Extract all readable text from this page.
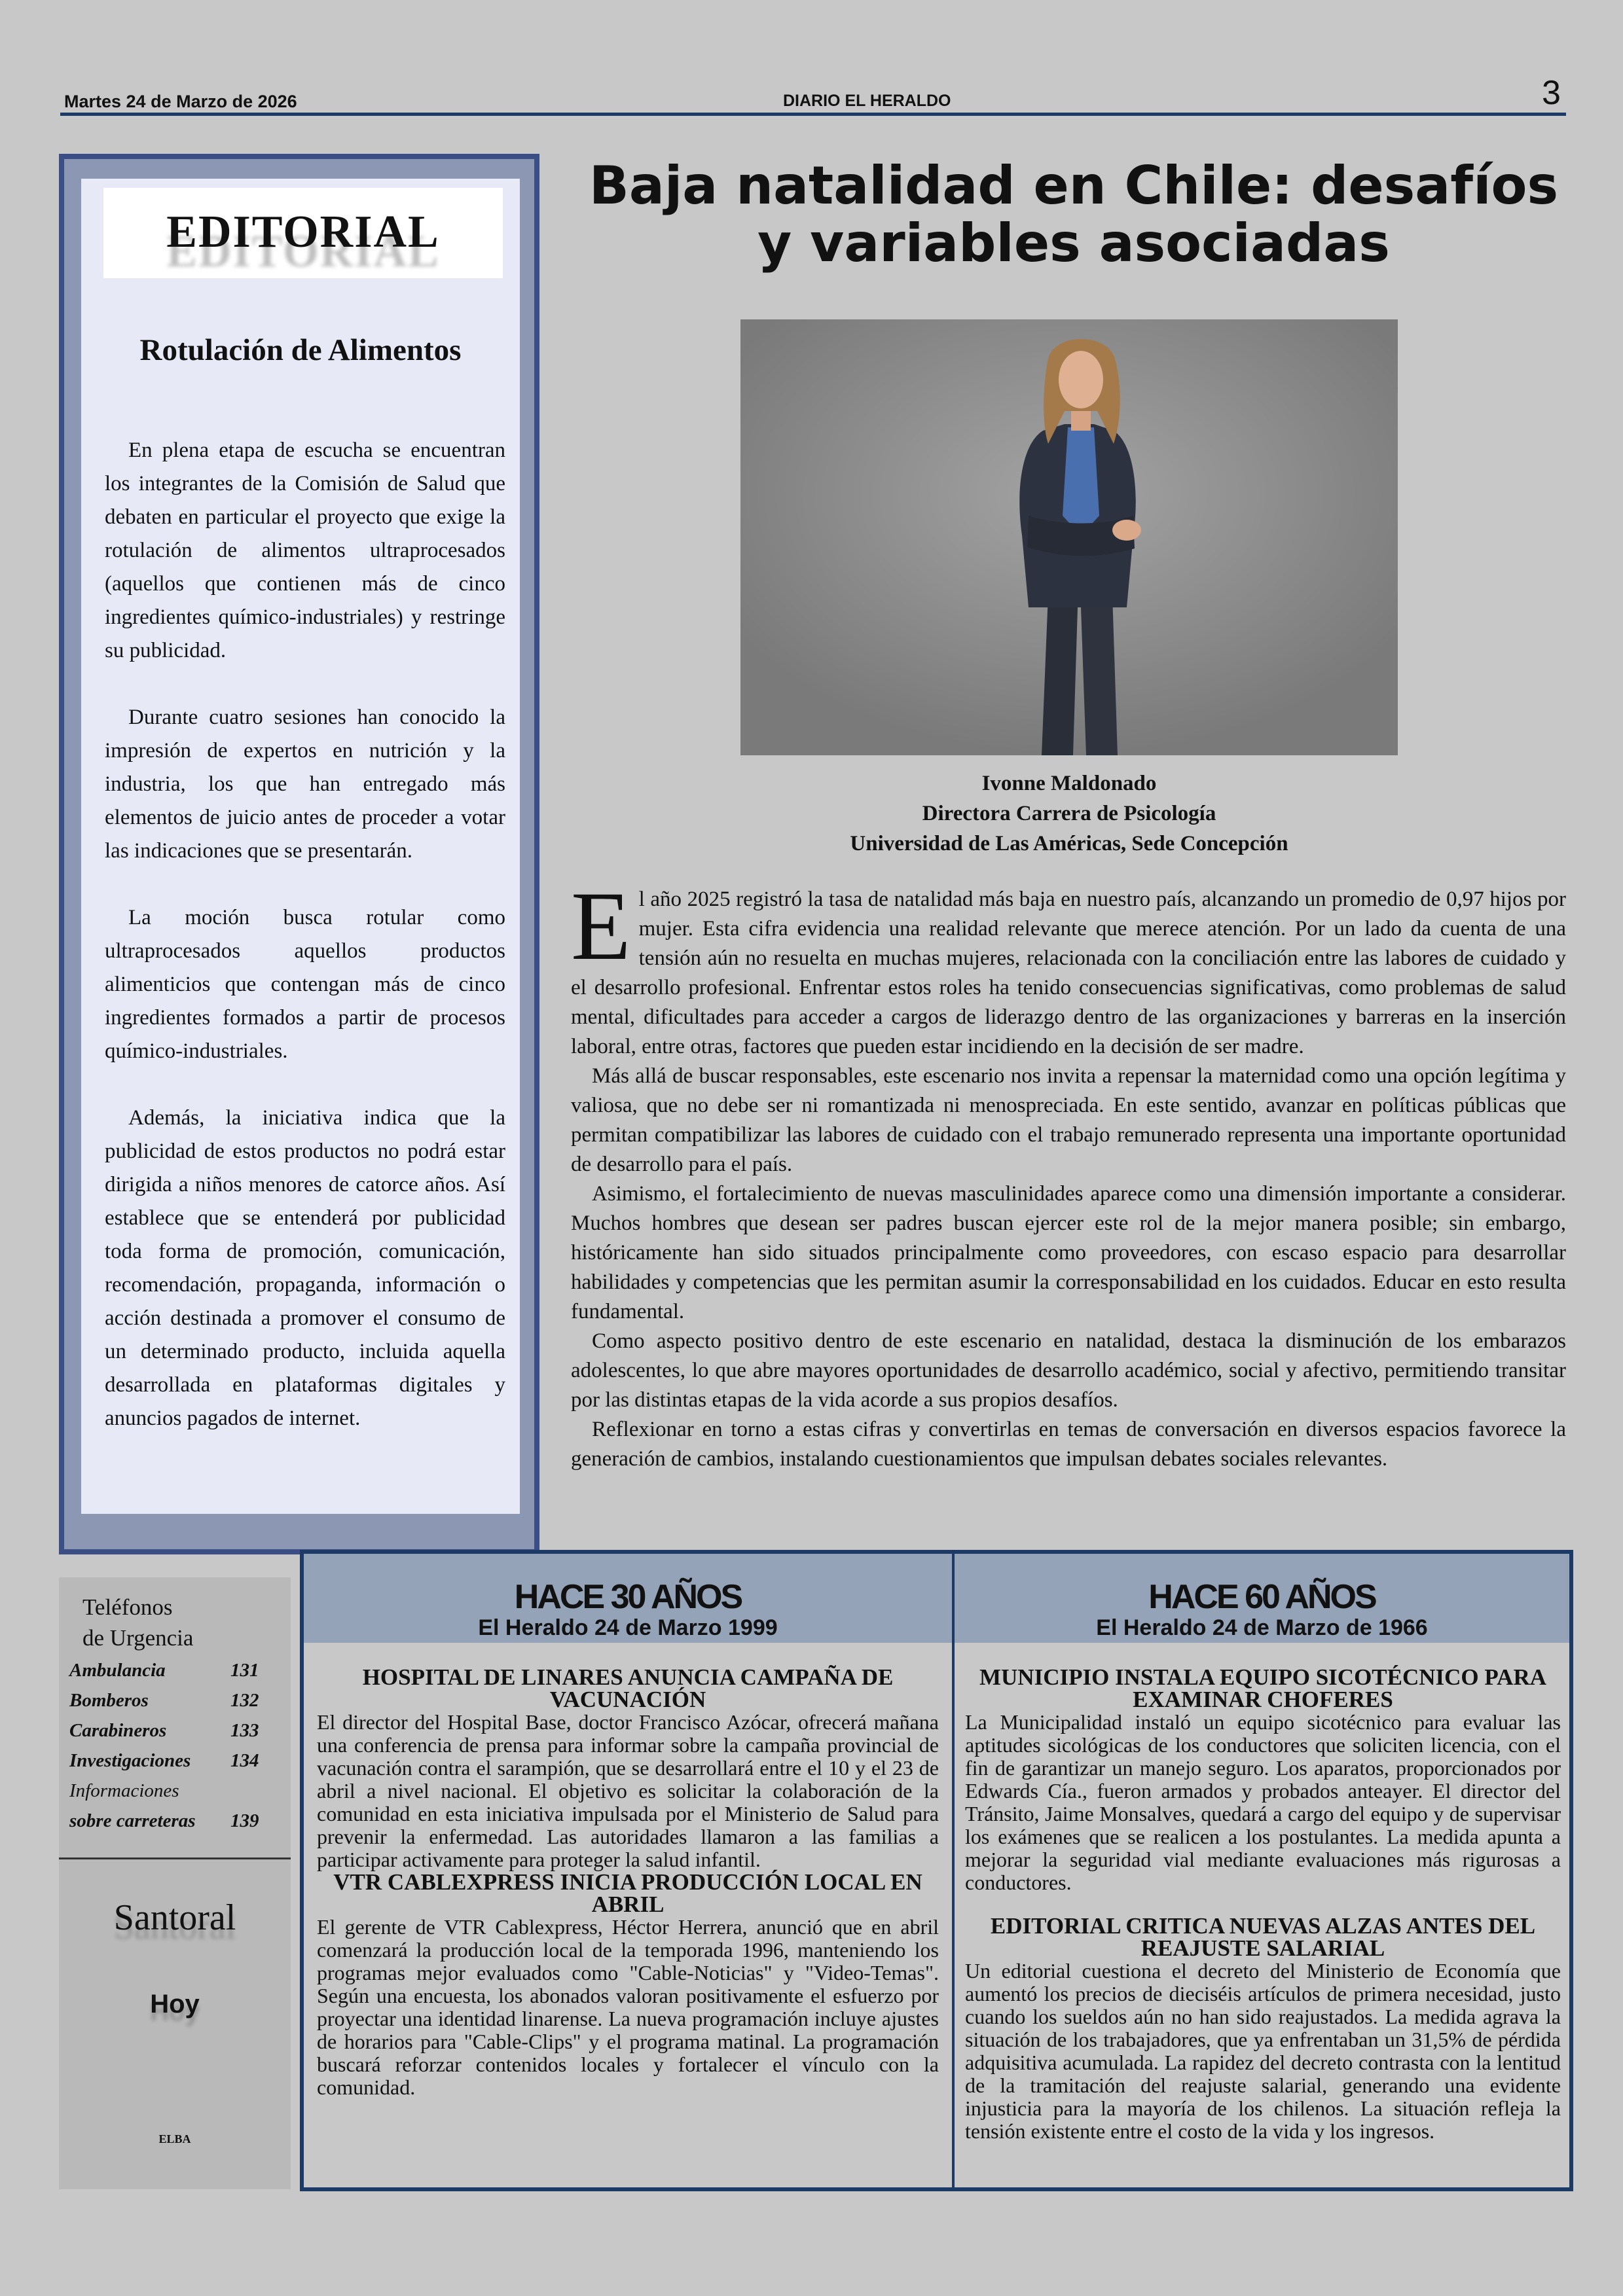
Martes 24 de Marzo de 2026	DIARIO EL HERALDO	3
EDITORIAL
Rotulación de Alimentos

En plena etapa de escucha se encuentran los integrantes de la Comisión de Salud que debaten en particular el proyecto que exige la rotulación de alimentos ultraprocesados (aquellos que contienen más de cinco ingredientes químico-industriales) y restringe su publicidad.

Durante cuatro sesiones han conocido la impresión de expertos en nutrición y la industria, los que han entregado más elementos de juicio antes de proceder a votar las indicaciones que se presentarán.

La moción busca rotular como ultraprocesados aquellos productos alimenticios que contengan más de cinco ingredientes formados a partir de procesos químico-industriales.

Además, la iniciativa indica que la publicidad de estos productos no podrá estar dirigida a niños menores de catorce años. Así establece que se entenderá por publicidad toda forma de promoción, comunicación, recomendación, propaganda, información o acción destinada a promover el consumo de un determinado producto, incluida aquella desarrollada en plataformas digitales y anuncios pagados de internet.

Baja natalidad en Chile: desafíos
y variables asociadas
Ivonne Maldonado
Directora Carrera de Psicología
Universidad de Las Américas, Sede Concepción

El año 2025 registró la tasa de natalidad más baja en nuestro país, alcanzando un promedio de 0,97 hijos por mujer. Esta cifra evidencia una realidad relevante que merece atención. Por un lado da cuenta de una tensión aún no resuelta en muchas mujeres, relacionada con la conciliación entre las labores de cuidado y el desarrollo profesional. Enfrentar estos roles ha tenido consecuencias significativas, como problemas de salud mental, dificultades para acceder a cargos de liderazgo dentro de las organizaciones y barreras en la inserción laboral, entre otras, factores que pueden estar incidiendo en la decisión de ser madre.

Más allá de buscar responsables, este escenario nos invita a repensar la maternidad como una opción legítima y valiosa, que no debe ser ni romantizada ni menospreciada. En este sentido, avanzar en políticas públicas que permitan compatibilizar las labores de cuidado con el trabajo remunerado representa una importante oportunidad de desarrollo para el país.

Asimismo, el fortalecimiento de nuevas masculinidades aparece como una dimensión importante a considerar. Muchos hombres que desean ser padres buscan ejercer este rol de la mejor manera posible; sin embargo, históricamente han sido situados principalmente como proveedores, con escaso espacio para desarrollar habilidades y competencias que les permitan asumir la corresponsabilidad en los cuidados. Educar en esto resulta fundamental.

Como aspecto positivo dentro de este escenario en natalidad, destaca la disminución de los embarazos adolescentes, lo que abre mayores oportunidades de desarrollo académico, social y afectivo, permitiendo transitar por las distintas etapas de la vida acorde a sus propios desafíos.

Reflexionar en torno a estas cifras y convertirlas en temas de conversación en diversos espacios favorece la generación de cambios, instalando cuestionamientos que impulsan debates sociales relevantes.

Teléfonos
de Urgencia
Ambulancia	131
Bomberos	132
Carabineros	133
Investigaciones 134
Informaciones
sobre carreteras 139
Santoral
Hoy
ELBA
HACE 30 AÑOS
El Heraldo 24 de Marzo 1999
HOSPITAL DE LINARES ANUNCIA CAMPAÑA DE VACUNACIÓN
El director del Hospital Base, doctor Francisco Azócar, ofrecerá mañana una conferencia de prensa para informar sobre la campaña provincial de vacunación contra el sarampión, que se desarrollará entre el 10 y el 23 de abril a nivel nacional. El objetivo es solicitar la colaboración de la comunidad en esta iniciativa impulsada por el Ministerio de Salud para prevenir la enfermedad. Las autoridades llamaron a las familias a participar activamente para proteger la salud infantil.
VTR CABLEXPRESS INICIA PRODUCCIÓN LOCAL EN ABRIL
El gerente de VTR Cablexpress, Héctor Herrera, anunció que en abril comenzará la producción local de la temporada 1996, manteniendo los programas mejor evaluados como "Cable-Noticias" y "Video-Temas". Según una encuesta, los abonados valoran positivamente el esfuerzo por proyectar una identidad linarense. La nueva programación incluye ajustes de horarios para "Cable-Clips" y el programa matinal. La programación buscará reforzar contenidos locales y fortalecer el vínculo con la comunidad.
HACE 60 AÑOS
El Heraldo 24 de Marzo de 1966
MUNICIPIO INSTALA EQUIPO SICOTÉCNICO PARA EXAMINAR CHOFERES
La Municipalidad instaló un equipo sicotécnico para evaluar las aptitudes sicológicas de los conductores que soliciten licencia, con el fin de garantizar un manejo seguro. Los aparatos, proporcionados por Edwards Cía., fueron armados y probados anteayer. El director del Tránsito, Jaime Monsalves, quedará a cargo del equipo y de supervisar los exámenes que se realicen a los postulantes. La medida apunta a mejorar la seguridad vial mediante evaluaciones más rigurosas a conductores.
EDITORIAL CRITICA NUEVAS ALZAS ANTES DEL REAJUSTE SALARIAL
Un editorial cuestiona el decreto del Ministerio de Economía que aumentó los precios de dieciséis artículos de primera necesidad, justo cuando los sueldos aún no han sido reajustados. La medida agrava la situación de los trabajadores, que ya enfrentaban un 31,5% de pérdida adquisitiva acumulada. La rapidez del decreto contrasta con la lentitud de la tramitación del reajuste salarial, generando una evidente injusticia para la mayoría de los chilenos. La situación refleja la tensión existente entre el costo de la vida y los ingresos.
